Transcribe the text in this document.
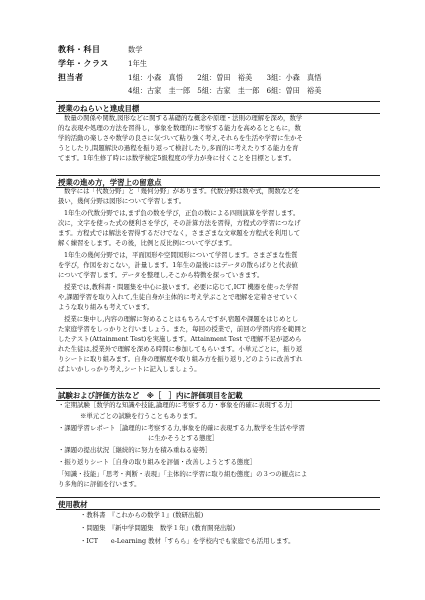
教科・科目	数学
学年・クラス	1年生
担当者	1組：小森　真悟　　2組：曽田　裕美　　3組：小森　真悟
4組：古家　圭一郎　5組：古家　圭一郎　6組：曽田　裕美
授業のねらいと達成目標
数量の関係や関数,図形などに関する基礎的な概念や原理・法則の理解を深め，数学
的な表現や処理の方法を習得し，事象を数理的に考察する能力を高めるとともに，数
学的活動の楽しさや数学の良さに気づいて粘り強く考え,それらを生活や学習に生かそ
うとしたり,問題解決の過程を振り返って検討したり,多面的に考えたりする能力を育
てます。1年生修了時には数学検定5級程度の学力が身に付くことを目標とします。
授業の進め方，学習上の留意点
数学には「代数分野」と「幾何分野」があります。代数分野は数や式，関数などを
扱い，幾何分野は図形について学習します。
1年生の代数分野では,まず負の数を学び，正負の数による四則演算を学習します。
次に，文字を使った式の便利さを学び，その計算方法を習得，方程式の学習につなげ
ます。方程式では解法を習得するだけでなく，さまざまな文章題を方程式を利用して
解く練習をします。その後，比例と反比例について学びます。
1年生の幾何分野では，平面図形や空間図形について学習します。さまざまな性質
を学び，作図をおこない，計量します。1年生の最後にはデータの散らばりと代表値
について学習します。データを整理し,そこから特徴を探っていきます。
授業では,教科書・問題集を中心に扱います。必要に応じて,ICT 機器を使った学習
や,課題学習を取り入れて,生徒自身が主体的に考え学ぶことで理解を定着させていく
ような取り組みも考えています。
授業に集中し,内容の理解に努めることはもちろんですが,宿題や課題をはじめとし
た家庭学習をしっかりと行いましょう。また，毎回の授業で，前回の学習内容を範囲と
したテスト(Attainment Test)を実施します。Attainment Test で理解不足が認めら
れた生徒は,授業外で理解を深める時間に参加してもらいます。小単元ごとに，振り返
りシートに取り組みます。自身の理解度や取り組み方を振り返り,どのように改善すれ
ばよいかしっかり考え,シートに記入しましょう。
試験および評価方法など　※［　］内に評価項目を記載
・定期試験［数学的な知識や技能,論理的に考察する力・事象を的確に表現する力］
※単元ごとの試験を行うこともあります。
・課題学習レポート［論理的に考察する力,事象を的確に表現する力,数学を生活や学習
に生かそうとする態度］
・課題の提出状況［継続的に努力を積み重ねる姿勢］
・振り返りシート［自身の取り組みを評価・改善しようとする態度］
「知識・技能」「思考・判断・表現」「主体的に学習に取り組む態度」の３つの観点によ
り多角的に評価を行います。
使用教材
・教科書　『これからの数学１』(数研出版)
・問題集　『新中学問題集　数学１年』(教育開発出版)
・ICT　　e-Learning 教材「すらら」を学校内でも家庭でも活用します。
